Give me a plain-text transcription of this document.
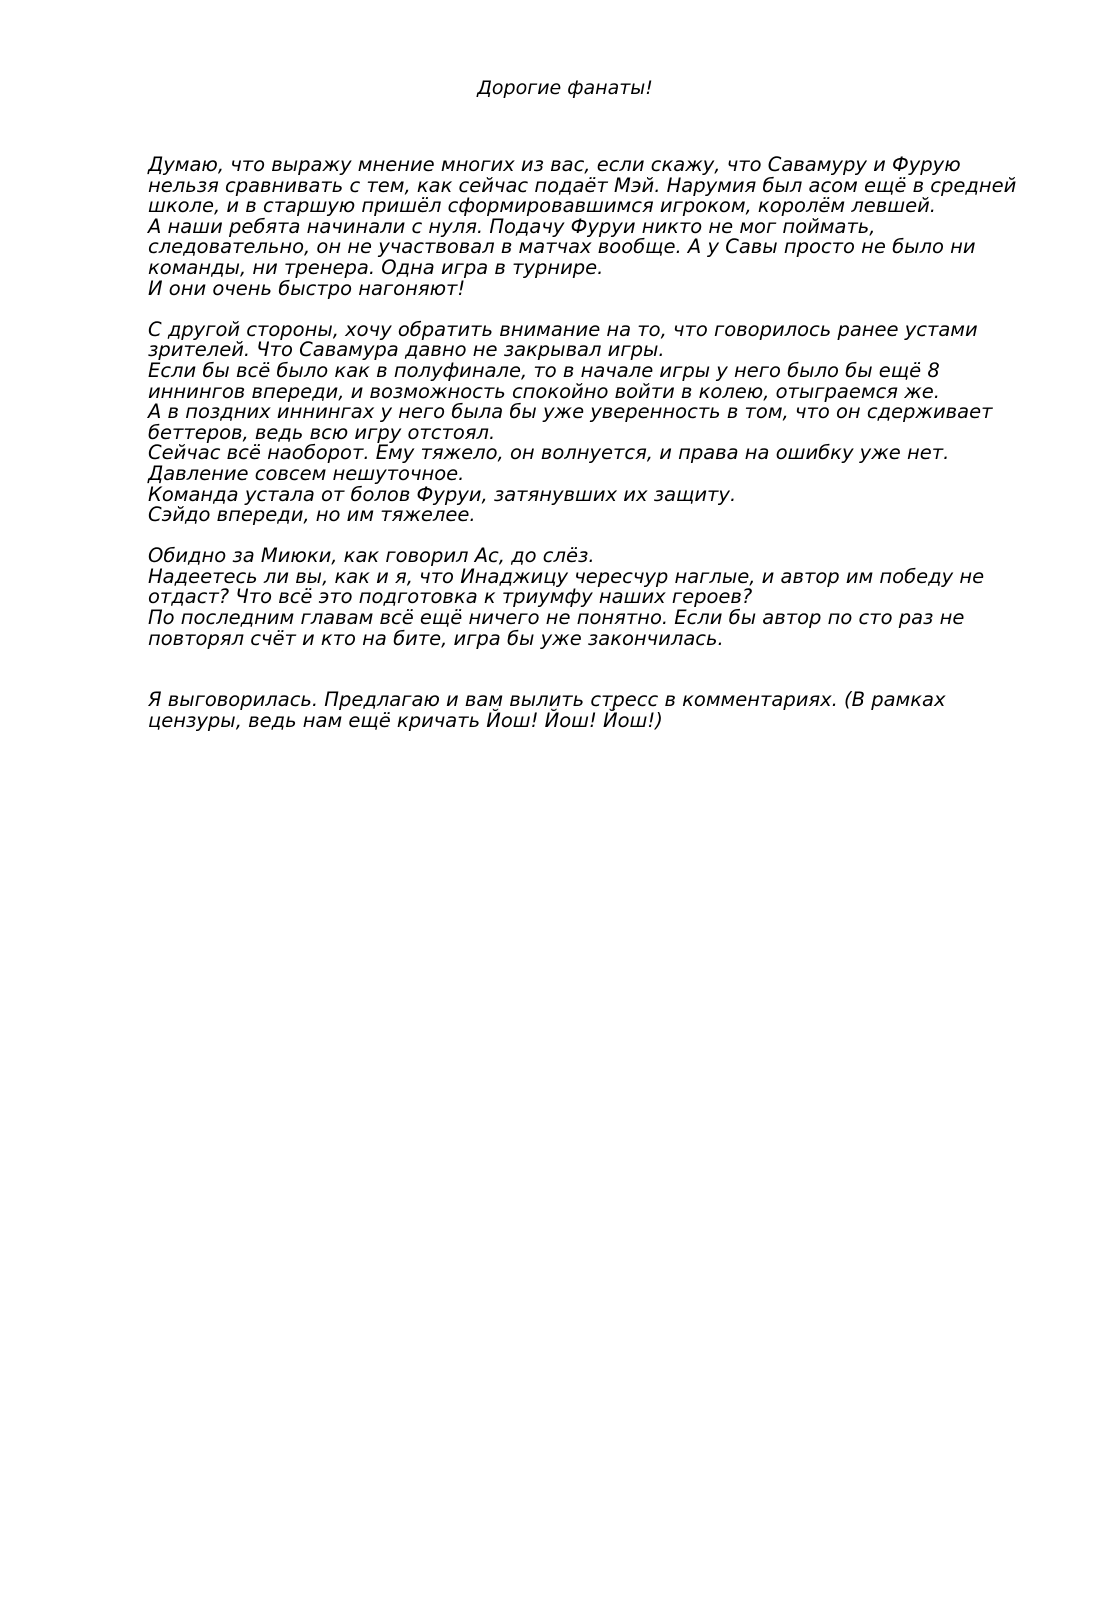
Дорогие фанаты!

Думаю, что выражу мнение многих из вас, если скажу, что Савамуру и Фурую
нельзя сравнивать с тем, как сейчас подаёт Мэй. Нарумия был асом ещё в средней
школе, и в старшую пришёл сформировавшимся игроком, королём левшей.
А наши ребята начинали с нуля. Подачу Фуруи никто не мог поймать,
следовательно, он не участвовал в матчах вообще. А у Савы просто не было ни
команды, ни тренера. Одна игра в турнире.
И они очень быстро нагоняют!

С другой стороны, хочу обратить внимание на то, что говорилось ранее устами
зрителей. Что Савамура давно не закрывал игры.
Если бы всё было как в полуфинале, то в начале игры у него было бы ещё 8
иннингов впереди, и возможность спокойно войти в колею, отыграемся же.
А в поздних иннингах у него была бы уже уверенность в том, что он сдерживает
беттеров, ведь всю игру отстоял.
Сейчас всё наоборот. Ему тяжело, он волнуется, и права на ошибку уже нет.
Давление совсем нешуточное.
Команда устала от болов Фуруи, затянувших их защиту.
Сэйдо впереди, но им тяжелее.

Обидно за Миюки, как говорил Ас, до слёз.
Надеетесь ли вы, как и я, что Инаджицу чересчур наглые, и автор им победу не
отдаст? Что всё это подготовка к триумфу наших героев?
По последним главам всё ещё ничего не понятно. Если бы автор по сто раз не
повторял счёт и кто на бите, игра бы уже закончилась.

Я выговорилась. Предлагаю и вам вылить стресс в комментариях. (В рамках
цензуры, ведь нам ещё кричать Йош! Йош! Йош!)
